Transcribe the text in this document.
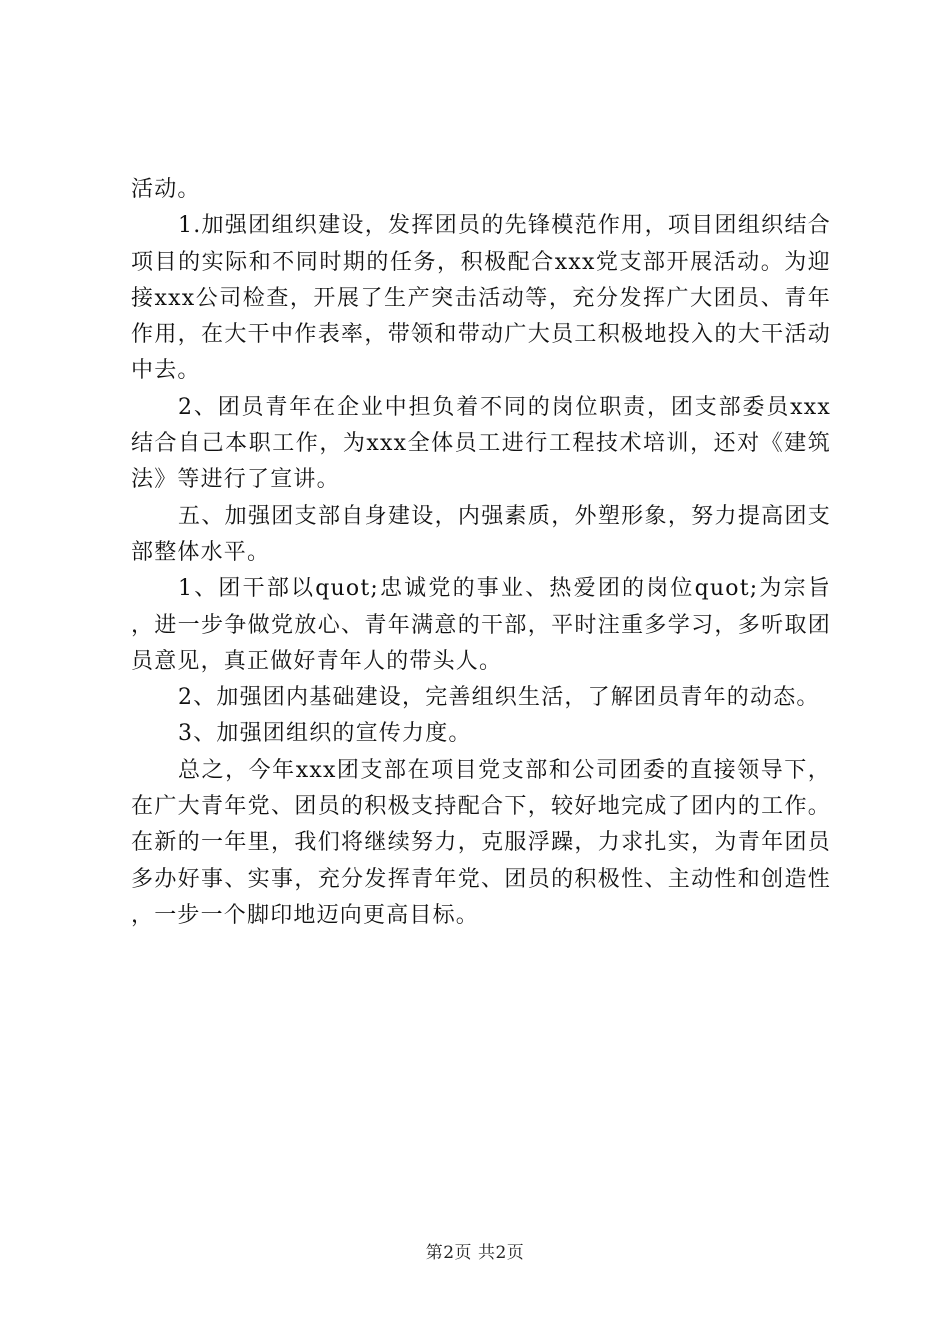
活动。

1.加强团组织建设，发挥团员的先锋模范作用，项目团组织结合项目的实际和不同时期的任务，积极配合xxx党支部开展活动。为迎接xxx公司检查，开展了生产突击活动等，充分发挥广大团员、青年作用，在大干中作表率，带领和带动广大员工积极地投入的大干活动中去。

2、团员青年在企业中担负着不同的岗位职责，团支部委员xxx结合自己本职工作，为xxx全体员工进行工程技术培训，还对《建筑法》等进行了宣讲。

五、加强团支部自身建设，内强素质，外塑形象，努力提高团支部整体水平。

1、团干部以quot;忠诚党的事业、热爱团的岗位quot;为宗旨，进一步争做党放心、青年满意的干部，平时注重多学习，多听取团员意见，真正做好青年人的带头人。

2、加强团内基础建设，完善组织生活，了解团员青年的动态。

3、加强团组织的宣传力度。

总之，今年xxx团支部在项目党支部和公司团委的直接领导下，在广大青年党、团员的积极支持配合下，较好地完成了团内的工作。在新的一年里，我们将继续努力，克服浮躁，力求扎实，为青年团员多办好事、实事，充分发挥青年党、团员的积极性、主动性和创造性，一步一个脚印地迈向更高目标。

第2页 共2页
